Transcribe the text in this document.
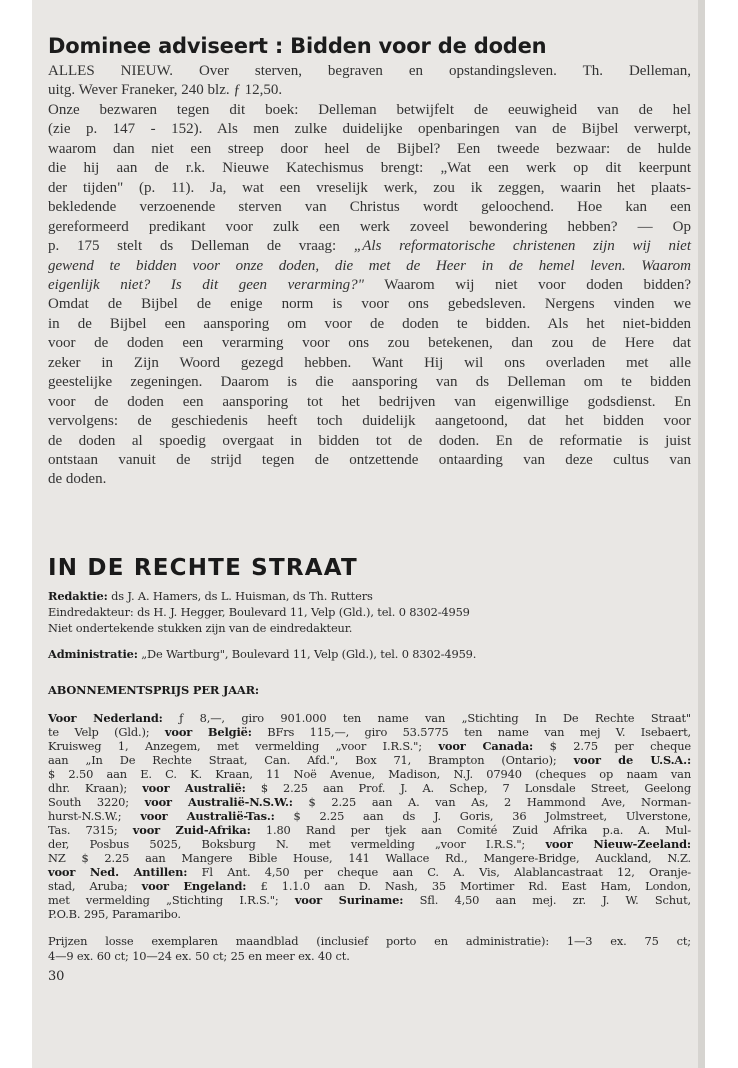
Dominee adviseert : Bidden voor de doden
ALLES NIEUW. Over sterven, begraven en opstandingsleven. Th. Delleman,
uitg. Wever Franeker, 240 blz. ƒ 12,50.
Onze bezwaren tegen dit boek: Delleman betwijfelt de eeuwigheid van de hel
(zie p. 147 - 152). Als men zulke duidelijke openbaringen van de Bijbel verwerpt,
waarom dan niet een streep door heel de Bijbel? Een tweede bezwaar: de hulde
die hij aan de r.k. Nieuwe Katechismus brengt: „Wat een werk op dit keerpunt
der tijden" (p. 11). Ja, wat een vreselijk werk, zou ik zeggen, waarin het plaats-
bekledende verzoenende sterven van Christus wordt geloochend. Hoe kan een
gereformeerd predikant voor zulk een werk zoveel bewondering hebben? — Op
p. 175 stelt ds Delleman de vraag: „Als reformatorische christenen zijn wij niet
gewend te bidden voor onze doden, die met de Heer in de hemel leven. Waarom
eigenlijk niet? Is dit geen verarming?" Waarom wij niet voor doden bidden?
Omdat de Bijbel de enige norm is voor ons gebedsleven. Nergens vinden we
in de Bijbel een aansporing om voor de doden te bidden. Als het niet-bidden
voor de doden een verarming voor ons zou betekenen, dan zou de Here dat
zeker in Zijn Woord gezegd hebben. Want Hij wil ons overladen met alle
geestelijke zegeningen. Daarom is die aansporing van ds Delleman om te bidden
voor de doden een aansporing tot het bedrijven van eigenwillige godsdienst. En
vervolgens: de geschiedenis heeft toch duidelijk aangetoond, dat het bidden voor
de doden al spoedig overgaat in bidden tot de doden. En de reformatie is juist
ontstaan vanuit de strijd tegen de ontzettende ontaarding van deze cultus van
de doden.
IN DE RECHTE STRAAT
Redaktie: ds J. A. Hamers, ds L. Huisman, ds Th. Rutters
Eindredakteur: ds H. J. Hegger, Boulevard 11, Velp (Gld.), tel. 0 8302-4959
Niet ondertekende stukken zijn van de eindredakteur.
Administratie: „De Wartburg", Boulevard 11, Velp (Gld.), tel. 0 8302-4959.
ABONNEMENTSPRIJS PER JAAR:
Voor Nederland: ƒ 8,—, giro 901.000 ten name van „Stichting In De Rechte Straat"
te Velp (Gld.); voor België: BFrs 115,—, giro 53.5775 ten name van mej V. Isebaert,
Kruisweg 1, Anzegem, met vermelding „voor I.R.S."; voor Canada: $ 2.75 per cheque
aan „In De Rechte Straat, Can. Afd.", Box 71, Brampton (Ontario); voor de U.S.A.:
$ 2.50 aan E. C. K. Kraan, 11 Noë Avenue, Madison, N.J. 07940 (cheques op naam van
dhr. Kraan); voor Australië: $ 2.25 aan Prof. J. A. Schep, 7 Lonsdale Street, Geelong
South 3220; voor Australië-N.S.W.: $ 2.25 aan A. van As, 2 Hammond Ave, Norman-
hurst-N.S.W.; voor Australië-Tas.: $ 2.25 aan ds J. Goris, 36 Jolmstreet, Ulverstone,
Tas. 7315; voor Zuid-Afrika: 1.80 Rand per tjek aan Comité Zuid Afrika p.a. A. Mul-
der, Posbus 5025, Boksburg N. met vermelding „voor I.R.S."; voor Nieuw-Zeeland:
NZ $ 2.25 aan Mangere Bible House, 141 Wallace Rd., Mangere-Bridge, Auckland, N.Z.
voor Ned. Antillen: Fl Ant. 4,50 per cheque aan C. A. Vis, Alablancastraat 12, Oranje-
stad, Aruba; voor Engeland: £ 1.1.0 aan D. Nash, 35 Mortimer Rd. East Ham, London,
met vermelding „Stichting I.R.S."; voor Suriname: Sfl. 4,50 aan mej. zr. J. W. Schut,
P.O.B. 295, Paramaribo.
Prijzen losse exemplaren maandblad (inclusief porto en administratie): 1—3 ex. 75 ct;
4—9 ex. 60 ct; 10—24 ex. 50 ct; 25 en meer ex. 40 ct.
30
